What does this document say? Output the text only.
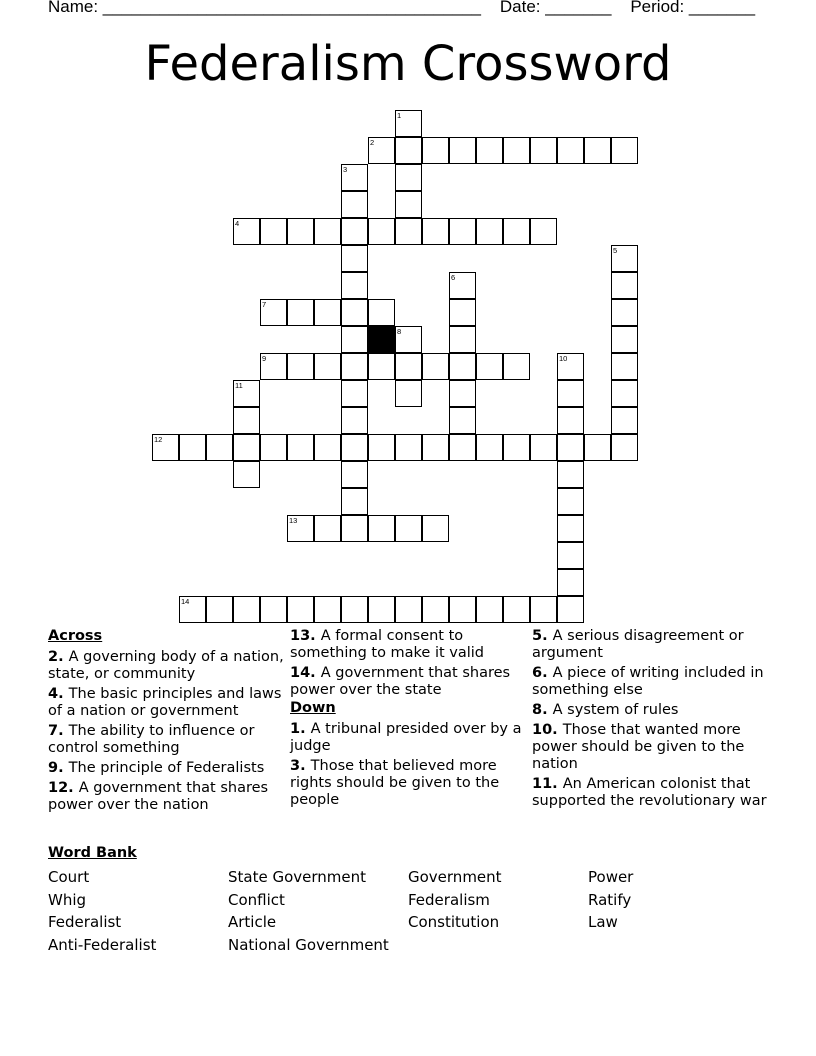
Name: ________________________________________ Date: _______ Period: _______
Federalism Crossword
2
4
7
9
12
13
14
1
3
5
6
8
10
11
Across
2. A governing body of a nation, state, or community
4. The basic principles and laws of a nation or government
7. The ability to influence or control something
9. The principle of Federalists
12. A government that shares power over the nation
13. A formal consent to something to make it valid
14. A government that shares power over the state
Down
1. A tribunal presided over by a judge
3. Those that believed more rights should be given to the people
5. A serious disagreement or argument
6. A piece of writing included in something else
8. A system of rules
10. Those that wanted more power should be given to the nation
11. An American colonist that supported the revolutionary war
Word Bank
Court
Whig
Federalist
Anti-Federalist
State Government
Conflict
Article
National Government
Government
Federalism
Constitution
Power
Ratify
Law
